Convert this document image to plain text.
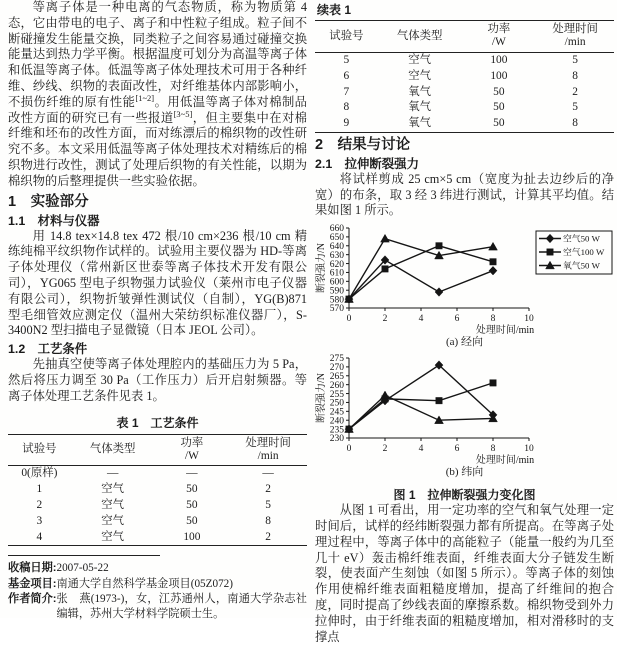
等离子体是一种电离的气态物质，称为物质第 4 态，它由带电的电子、离子和中性粒子组成。粒子间不断碰撞发生能量交换，同类粒子之间容易通过碰撞交换能量达到热力学平衡。根据温度可划分为高温等离子体和低温等离子体。低温等离子体处理技术可用于各种纤维、纱线、织物的表面改性，对纤维基体内部影响小，不损伤纤维的原有性能[1~2]。用低温等离子体对棉制品改性方面的研究已有一些报道[3~5]，但主要集中在对棉纤维和坯布的改性方面，而对练漂后的棉织物的改性研究不多。本文采用低温等离子体处理技术对精练后的棉织物进行改性，测试了处理后织物的有关性能，以期为棉织物的后整理提供一些实验依据。

1　实验部分
1.1　材料与仪器

用 14.8 tex×14.8 tex 472 根/10 cm×236 根/10 cm 精练纯棉平纹织物作试样的。试验用主要仪器为 HD-等离子体处理仪（常州新区世泰等离子体技术开发有限公司），YG065 型电子织物强力试验仪（莱州市电子仪器有限公司），织物折皱弹性测试仪（自制），YG(B)871 型毛细管效应测定仪（温州大荣纺织标准仪器厂），S-3400N2 型扫描电子显微镜（日本 JEOL 公司）。

1.2　工艺条件

先抽真空使等离子体处理腔内的基础压力为 5 Pa，然后将压力调至 30 Pa（工作压力）后开启射频器。等离子体处理工艺条件见表 1。

表 1　工艺条件
试验号	气体类型	功率
/W	处理时间
/min
0(原样)	—	—	—
1	空气	50	2
2	空气	50	5
3	空气	50	8
4	空气	100	2
收稿日期: 2007-05-22
基金项目: 南通大学自然科学基金项目(05Z072)
作者简介: 张　燕(1973-)，女，江苏通州人，南通大学杂志社编辑，苏州大学材料学院硕士生。
续表 1
试验号	气体类型	功率
/W	处理时间
/min
5	空气	100	5
6	空气	100	8
7	氧气	50	2
8	氧气	50	5
9	氧气	50	8
2　结果与讨论
2.1　拉伸断裂强力

将试样剪成 25 cm×5 cm（宽度为扯去边纱后的净宽）的布条，取 3 经 3 纬进行测试，计算其平均值。结果如图 1 所示。

570
580
590
600
610
620
630
640
650
660
0	2	4	6	8	10
处理时间/min
断裂强力/N
空气50 W
空气100 W
氧气50 W
(a) 经向
230
235
240
245
250
255
260
265
270
275
0	2	4	6	8	10
处理时间/min
断裂强力/N
(b) 纬向
图 1　拉伸断裂强力变化图

从图 1 可看出，用一定功率的空气和氧气处理一定时间后，试样的经纬断裂强力都有所提高。在等离子处理过程中，等离子体中的高能粒子（能量一般约为几至几十 eV）轰击棉纤维表面，纤维表面大分子链发生断裂，使表面产生刻蚀（如图 5 所示）。等离子体的刻蚀作用使棉纤维表面粗糙度增加，提高了纤维间的抱合度，同时提高了纱线表面的摩擦系数。棉织物受到外力拉伸时，由于纤维表面的粗糙度增加，相对滑移时的支撑点
